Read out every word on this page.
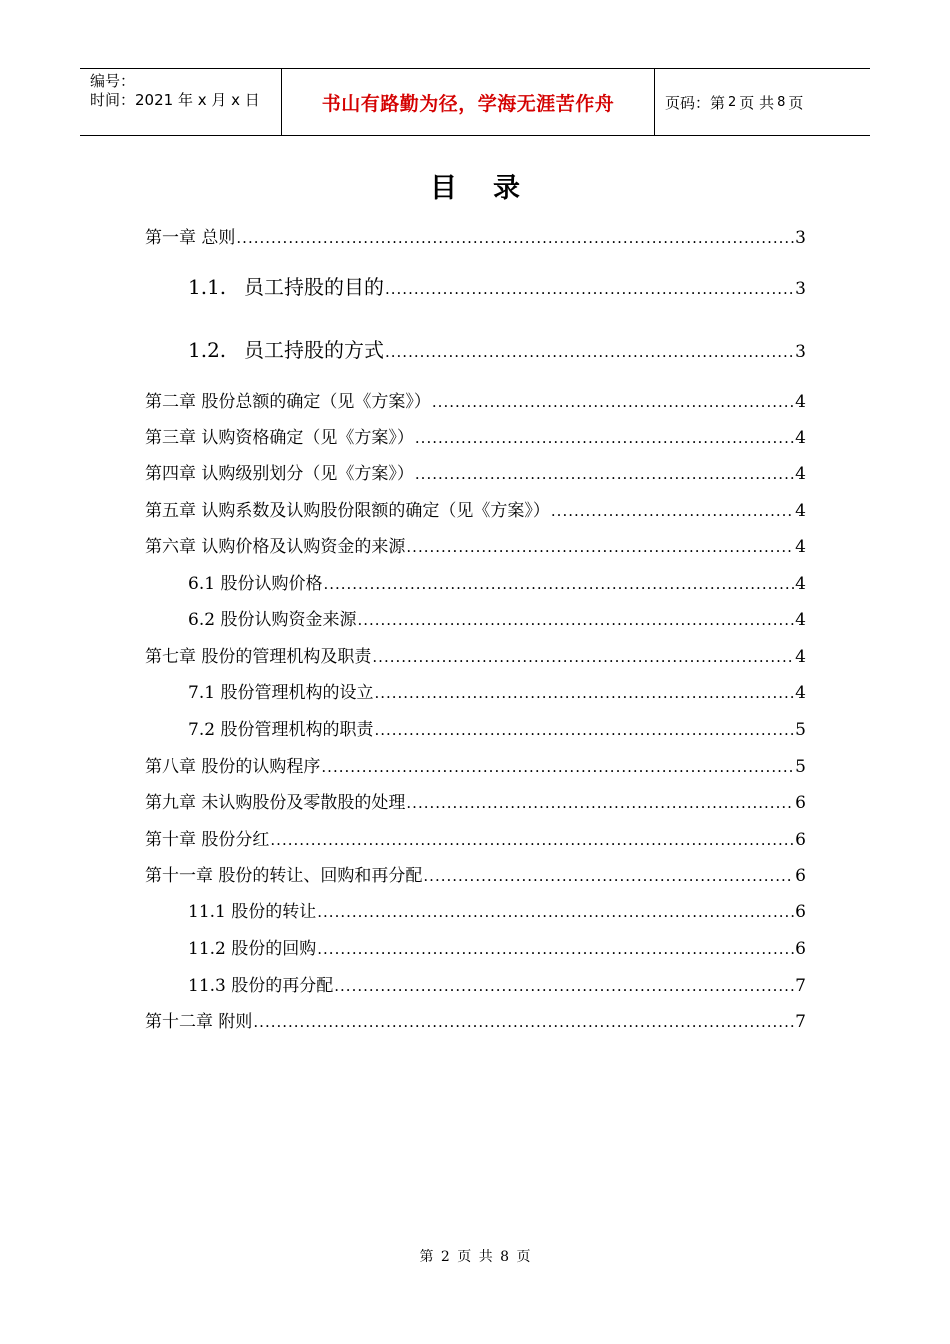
编号：
时间：2021 年 x 月 x 日	书山有路勤为径，学海无涯苦作舟	页码：第 2 页 共 8 页
目录
第一章 总则 .....	3
1.1. 员工持股的目的 .....	3
1.2. 员工持股的方式 .....	3
第二章 股份总额的确定（见《方案》） .....	4
第三章 认购资格确定（见《方案》） .....	4
第四章 认购级别划分（见《方案》） .....	4
第五章 认购系数及认购股份限额的确定（见《方案》） .....	4
第六章 认购价格及认购资金的来源 .....	4
6.1 股份认购价格 .....	4
6.2 股份认购资金来源 .....	4
第七章 股份的管理机构及职责 .....	4
7.1 股份管理机构的设立 .....	4
7.2 股份管理机构的职责 .....	5
第八章 股份的认购程序 .....	5
第九章 未认购股份及零散股的处理 .....	6
第十章 股份分红 .....	6
第十一章 股份的转让、回购和再分配 .....	6
11.1 股份的转让 .....	6
11.2 股份的回购 .....	6
11.3 股份的再分配 .....	7
第十二章 附则 .....	7
第 2 页 共 8 页
